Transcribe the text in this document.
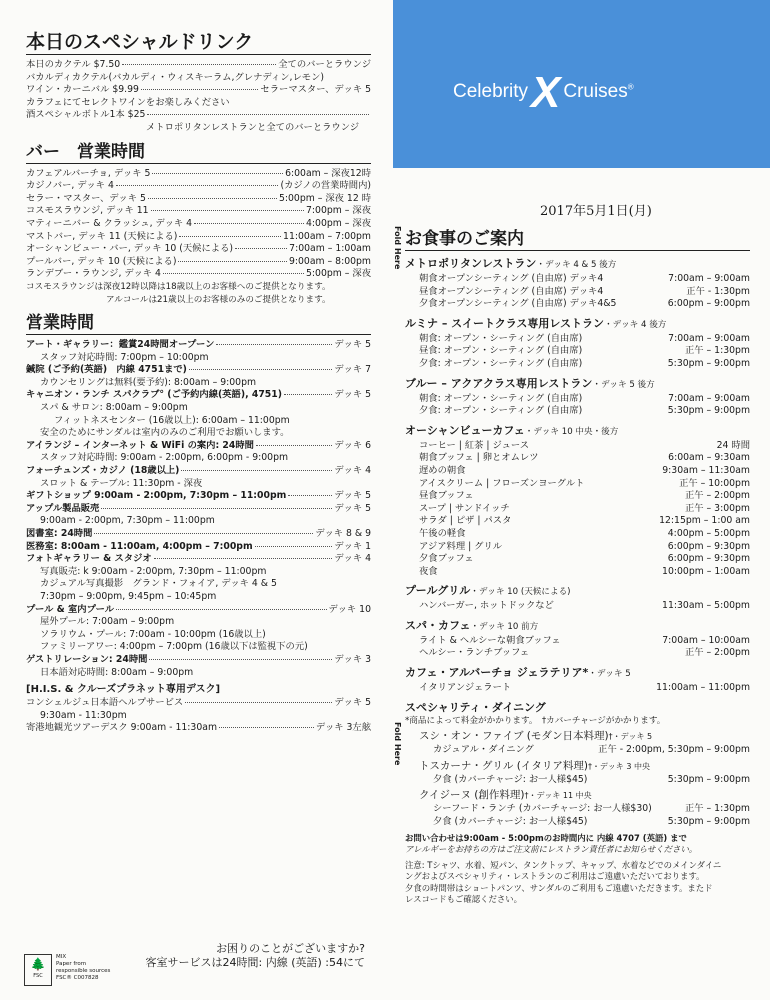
本日のスペシャルドリンク
本日のカクテル $7.50	全てのバーとラウンジ
バカルディカクテル(バカルディ・ウィスキーラム,グレナディン,レモン)
ワイン・カーニバル $9.99	セラーマスター、デッキ 5
カラフェにてセレクトワインをお楽しみください
酒スペシャルボトル1本 $25
メトロポリタンレストランと全てのバーとラウンジ
バー　営業時間
カフェアルバーチョ, デッキ 5	6:00am – 深夜12時
カジノバー, デッキ 4	(カジノの営業時間内)
セラー・マスター、デッキ 5	5:00pm – 深夜 12 時
コスモスラウンジ, デッキ 11	7:00pm – 深夜
マティーニバー & クラッシュ, デッキ 4	4:00pm – 深夜
マストバー, デッキ 11 (天候による)	11:00am – 7:00pm
オーシャンビュー・バー, デッキ 10 (天候による)	7:00am – 1:00am
プールバー, デッキ 10 (天候による)	9:00am – 8:00pm
ランデブー・ラウンジ, デッキ 4	5:00pm – 深夜
コスモスラウンジは深夜12時以降は18歳以上のお客様へのご提供となります。
アルコールは21歳以上のお客様のみのご提供となります。
営業時間
アート・ギャラリー：鑑賞24時間オープーン	デッキ 5
スタッフ対応時間: 7:00pm – 10:00pm
鍼院 (ご予約(英語)　内線 4751まで)	デッキ 7
カウンセリングは無料(要予約): 8:00am – 9:00pm
キャニオン・ランチ スパクラブ° (ご予約内線(英語), 4751)	デッキ 5
スパ & サロン: 8:00am – 9:00pm
フィットネスセンター (16歳以上): 6:00am – 11:00pm
安全のためにサンダルは室内のみのご利用でお願いします。
アイランジ – インターネット & WiFi の案内: 24時間	デッキ 6
スタッフ対応時間: 9:00am - 2:00pm, 6:00pm - 9:00pm
フォーチュンズ・カジノ (18歳以上)	デッキ 4
スロット & テーブル: 11:30pm - 深夜
ギフトショップ 9:00am - 2:00pm, 7:30pm – 11:00pm	デッキ 5
アップル製品販売	デッキ 5
9:00am - 2:00pm, 7:30pm – 11:00pm
図書室: 24時間	デッキ 8 & 9
医務室: 8:00am - 11:00am, 4:00pm – 7:00pm	デッキ 1
フォトギャラリー & スタジオ	デッキ 4
写真販売: k 9:00am - 2:00pm, 7:30pm – 11:00pm
カジュアル写真撮影　グランド・フォイア, デッキ 4 & 5
7:30pm – 9:00pm, 9:45pm – 10:45pm
プール & 室内プール	デッキ 10
屋外プール: 7:00am – 9:00pm
ソラリウム・プール: 7:00am - 10:00pm (16歳以上)
ファミリーアワー: 4:00pm – 7:00pm (16歳以下は監視下の元)
ゲストリレーション: 24時間	デッキ 3
日本語対応時間: 8:00am – 9:00pm
[H.I.S. & クルーズプラネット専用デスク]
コンシェルジュ日本語ヘルプサービス	デッキ 5
9:30am - 11:30pm
寄港地観光ツアーデスク 9:00am - 11:30am	デッキ 3左舷
CelebrityX Cruises®
2017年5月1日(月)
Fold Here
Fold Here
お食事のご案内
メトロポリタンレストラン・デッキ 4 & 5 後方
朝食オープンシーティング (自由席) デッキ4	7:00am – 9:00am
昼食オープンシーティング (自由席) デッキ4	正午 - 1:30pm
夕食オープンシーティング (自由席) デッキ4&5	6:00pm – 9:00pm
ルミナ – スイートクラス専用レストラン・デッキ 4 後方
朝食: オープン・シーティング (自由席)	7:00am – 9:00am
昼食: オープン・シーティング (自由席)	正午 – 1:30pm
夕食: オープン・シーティング (自由席)	5:30pm – 9:00pm
ブルー – アクアクラス専用レストラン・デッキ 5 後方
朝食: オープン・シーティング (自由席)	7:00am – 9:00am
夕食: オープン・シーティング (自由席)	5:30pm – 9:00pm
オーシャンビューカフェ・デッキ 10 中央・後方
コーヒー | 紅茶 | ジュース	24 時間
朝食ブッフェ | 卵とオムレツ	6:00am – 9:30am
遅めの朝食	9:30am – 11:30am
アイスクリーム | フローズンヨーグルト	正午 – 10:00pm
昼食ブッフェ	正午 – 2:00pm
スープ | サンドイッチ	正午 – 3:00pm
サラダ | ピザ | パスタ	12:15pm – 1:00 am
午後の軽食	4:00pm – 5:00pm
アジア料理 | グリル	6:00pm – 9:30pm
夕食ブッフェ	6:00pm – 9:30pm
夜食	10:00pm – 1:00am
プールグリル・デッキ 10 (天候による)
ハンバーガー, ホットドックなど	11:30am – 5:00pm
スパ・カフェ・デッキ 10 前方
ライト & ヘルシーな朝食ブッフェ	7:00am – 10:00am
ヘルシー・ランチブッフェ	正午 – 2:00pm
カフェ・アルバーチョ ジェラテリア*・デッキ 5
イタリアンジェラート	11:00am – 11:00pm
スペシャリティ・ダイニング
*商品によって料金がかかります。　 †カバーチャージがかかります。
スシ・オン・ファイブ (モダン日本料理)†・デッキ 5
カジュアル・ダイニング	正午 - 2:00pm, 5:30pm – 9:00pm
トスカーナ・グリル (イタリア料理)†・デッキ 3 中央
夕食 (カバーチャージ: お一人様$45)	5:30pm – 9:00pm
クイジーヌ (創作料理)†・デッキ 11 中央
シーフード・ランチ (カバーチャージ: お一人様$30)	正午 – 1:30pm
夕食 (カバーチャージ: お一人様$45)	5:30pm – 9:00pm
お問い合わせは9:00am - 5:00pmのお時間内に 内線 4707 (英語) まで
アレルギーをお持ちの方はご注文前にレストラン責任者にお知らせください。
注意: Tシャツ、水着、短パン、タンクトップ、キャップ、水着などでのメインダイニ
ングおよびスペシャリティ・レストランのご利用はご遠慮いただいております。
夕食の時間帯はショートパンツ、サンダルのご利用もご遠慮いただきます。またド
レスコードもご確認ください。
お困りのことがございますか?
客室サービスは24時間: 内線 (英語) :54にて
🌲
FSC
MIX
Paper from
responsible sources
FSC® C007828
